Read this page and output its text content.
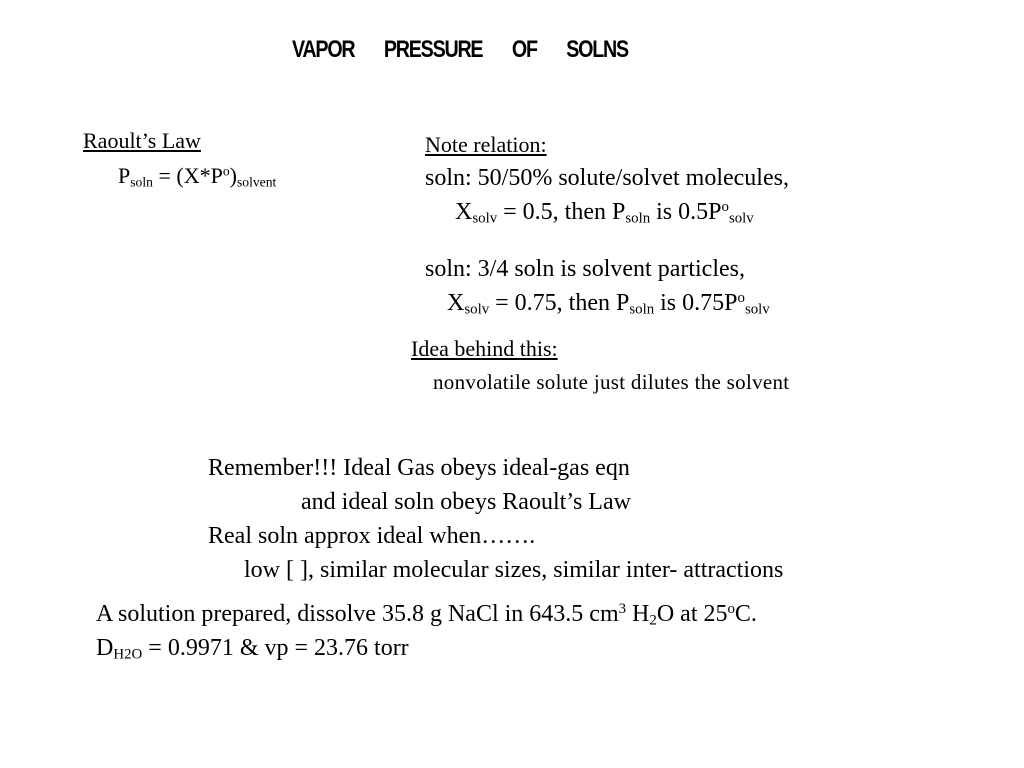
VAPOR PRESSURE OF SOLNS
Raoult’s Law
$P_{soln} = (X*P^o)_{solvent}$
Note relation:
soln: 50/50% solute/solvet molecules,
$X_{solv} = 0.5$, then $P_{soln}$ is $0.5P^o_{solv}$
soln: 3/4 soln is solvent particles,
$X_{solv} = 0.75$, then $P_{soln}$ is $0.75P^o_{solv}$
Idea behind this:
nonvolatile solute just dilutes the solvent
Remember!!! Ideal Gas obeys ideal-gas eqn
and ideal soln obeys Raoult’s Law
Real soln approx ideal when…….
low [ ], similar molecular sizes, similar inter- attractions
A solution prepared, dissolve 35.8 g NaCl in 643.5 $cm^3$ $H_2O$ at 25$^o$C.
$D_{H2O} = 0.9971$ & vp = 23.76 torr
